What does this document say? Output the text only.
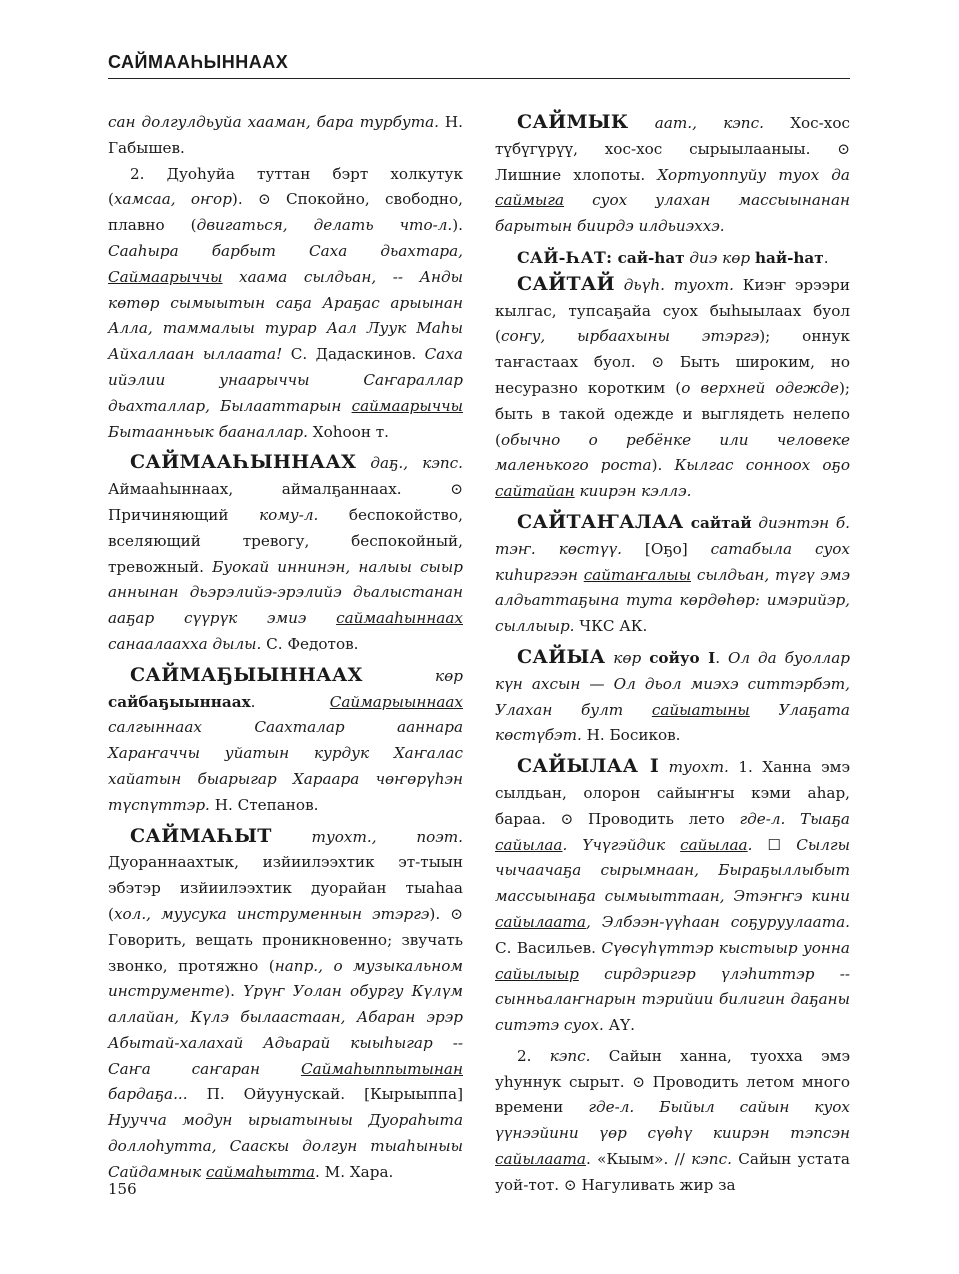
САЙМААҺЫННААХ

сан долгулдьуйа хааман, бара турбута. Н. Габышев.

2. Дуоһуйа туттан бэрт холкутук (хамсаа, оҥор). ⊙ Спокойно, свободно, плавно (двигаться, делать что-л.). Сааһыра барбыт Саха дьахтара, Саймаарыччы хаама сылдьан, -- Анды көтөр сымыытын саҕа Араҕас арыынан Алла, таммалыы турар Аал Луук Маһы Айхаллаан ыллаата! С. Дадаскинов. Саха ийэлии унаарыччы Саҥараллар дьахталлар, Былааттарын саймаарыччы Бытаанньык бааналлар. Хоһоон т.

САЙМААҺЫННААХ даҕ., кэпс. Аймааһыннаах, аймалҕаннаах. ⊙ Причиняющий кому-л. беспокойство, вселяющий тревогу, беспокойный, тревожный. Буокай иннинэн, налыы сыыр аннынан дьэрэлийэ-эрэлийэ дьалыстанан ааҕар сүүрүк эмиэ саймааһыннаах санаалааххa дылы. С. Федотов.

САЙМАҔЫЫННААХ көр сайбаҕыыннаах. Саймарыыннаах салгыннаах Саахталар ааннара Хараҥаччы уйатын курдук Хаҥалас хайатын быарыгар Хараара чөҥөрүһэн түспүттэр. Н. Степанов.

САЙМАҺЫТ туохт., поэт. Дуораннаахтык, изйиилээхтик эт-тыын эбэтэр изйиилээхтик дуорайан тыаһаа (хол., муусука инструменнын этэргэ). ⊙ Говорить, вещать проникновенно; звучать звонко, протяжно (напр., о музыкальном инструменте). Үрүҥ Уолан обургу Күлүм аллайан, Күлэ былаастаан, Абаран эрэр Абытай-халахай Адьарай кыыһыгар -- Саҥа саҥаран Саймаһыппытынан бардаҕа... П. Ойуунускай. [Кырыыппа] Нууччa модун ырыатыныы Дуораһыта доллоһутта, Сааскы долгун тыаһыныы Сайдамнык саймаһытта. М. Хара.

САЙМЫК аат., кэпс. Хос-хос түбүгүрүү, хос-хос сырыылааныы. ⊙ Лишние хлопоты. Хортуоппуйу туох да саймыга суох улахан массыынанан барытын биирдэ илдьиэххэ.

САЙ-ҺАТ: сай-һат диэ көр һай-һат.

САЙТАЙ дьүһ. туохт. Киэҥ эрээри кылгас, тупсаҕайа суох быһыылаах буол (соҥу, ырбаахыны этэргэ); оннук таҥастаах буол. ⊙ Быть широким, но несуразно коротким (о верхней одежде); быть в такой одежде и выглядеть нелепо (обычно о ребёнке или человеке маленького роста). Кылгас сонноох оҕо сайтайан киирэн кэллэ.

САЙТАҤАЛАА сайтай диэнтэн б. тэҥ. көстүү. [Оҕо] сатабыла суох киһиргээн сайтаҥалыы сылдьан, түгү эмэ алдьаттаҕына тута көрдөһөр: имэрийэр, сыллыыр. ЧКС АК.

САЙЫА көр сойуо I. Ол да буоллар күн ахсын — Ол дьол миэхэ ситтэрбэт, Улахан булт сайыатыны Улаҕата көстүбэт. Н. Босиков.

САЙЫЛАА I туохт. 1. Ханна эмэ сылдьан, олорон сайыҥҥы кэми аһар, бараа. ⊙ Проводить лето где-л. Тыаҕа сайылаа. Үчүгэйдик сайылаа. ☐ Сылгы чычаачаҕа сырымнаан, Быраҕыллыбыт массыынаҕа сымыыттаан, Этэҥҥэ кини сайылаата, Элбээн-үүһаан соҕуруулаата. С. Васильев. Сүөсүһүттэр кыстыыр уонна сайылыыр сирдэригэр үлэһиттэр -- сынньалаҥнарын тэрийии билигин даҕаны ситэтэ суох. АҮ.

2. кэпс. Сайын ханна, туохха эмэ уһуннук сырыт. ⊙ Проводить летом много времени где-л. Быйыл сайын куох үүнээйини үөр сүөһү киирэн тэпсэн сайылаата. «Кыым». // кэпс. Сайын устата уой-тот. ⊙ Нагуливать жир за

156
